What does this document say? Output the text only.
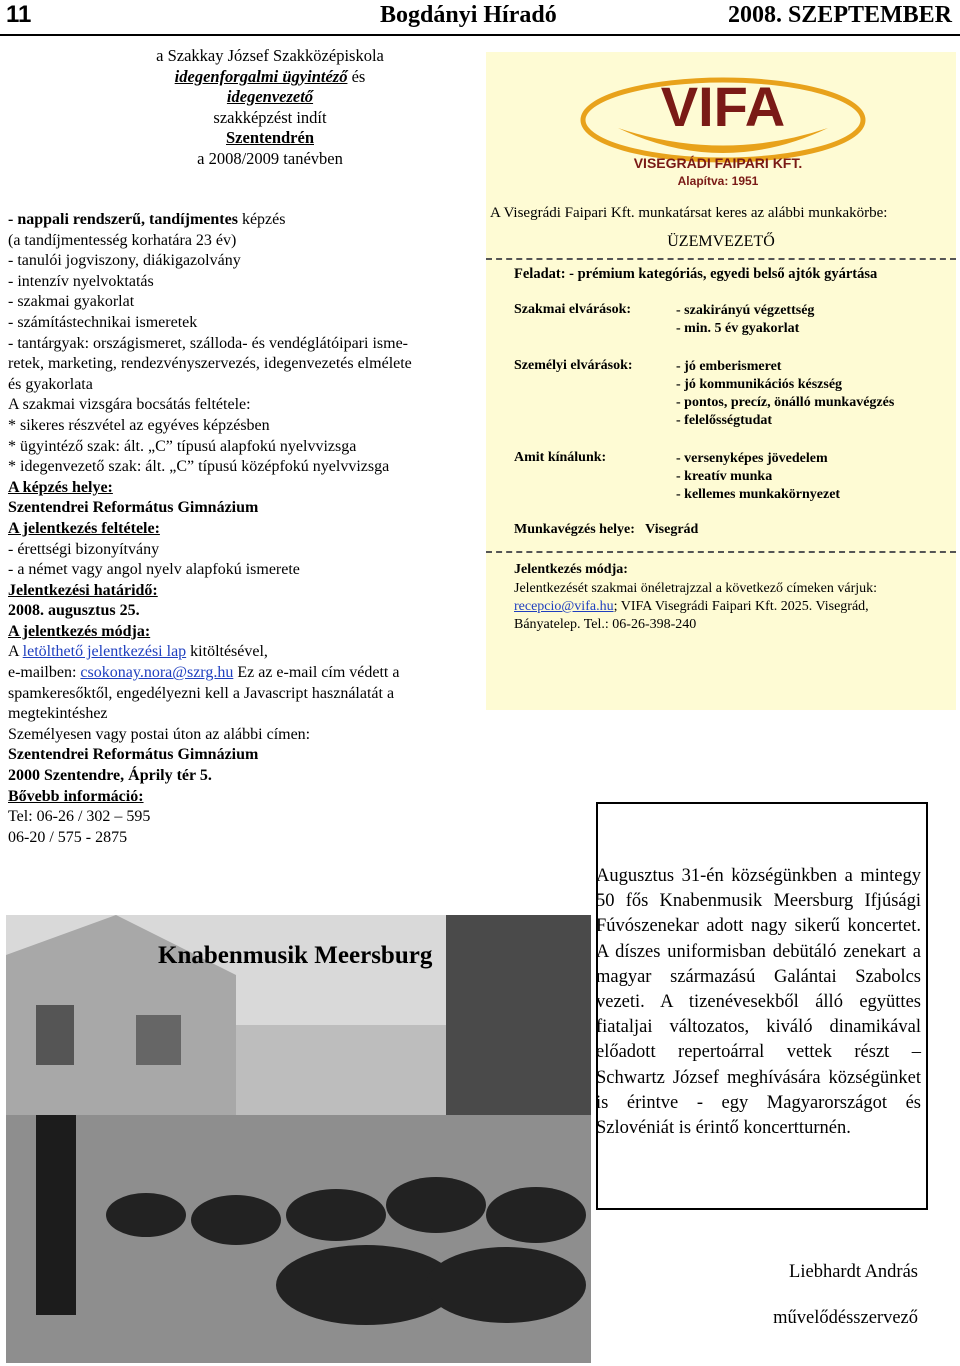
11	Bogdányi Híradó	2008. SZEPTEMBER
a Szakkay József Szakközépiskola
idegenforgalmi ügyintéző és
idegenvezető
szakképzést indít
Szentendrén
a 2008/2009 tanévben
- nappali rendszerű, tandíjmentes képzés
(a tandíjmentesség korhatára 23 év)
- tanulói jogviszony, diákigazolvány
- intenzív nyelvoktatás
- szakmai gyakorlat
- számítástechnikai ismeretek
- tantárgyak: országismeret, szálloda- és vendéglátóipari isme-
retek, marketing, rendezvényszervezés, idegenvezetés elmélete
és gyakorlata
A szakmai vizsgára bocsátás feltétele:
* sikeres részvétel az egyéves képzésben
* ügyintéző szak: ált. „C” típusú alapfokú nyelvvizsga
* idegenvezető szak: ált. „C” típusú középfokú nyelvvizsga
A képzés helye:
Szentendrei Református Gimnázium
A jelentkezés feltétele:
- érettségi bizonyítvány
- a német vagy angol nyelv alapfokú ismerete
Jelentkezési határidő:
2008. augusztus 25.
A jelentkezés módja:
A letölthető jelentkezési lap kitöltésével,
e-mailben: csokonay.nora@szrg.hu Ez az e-mail cím védett a
spamkeresőktől, engedélyezni kell a Javascript használatát a
megtekintéshez
Személyesen vagy postai úton az alábbi címen:
Szentendrei Református Gimnázium
2000 Szentendre, Áprily tér 5.
Bővebb információ:
Tel: 06-26 / 302 – 595
06-20 / 575 - 2875
VIFA
VISEGRÁDI FAIPARI KFT.
Alapítva: 1951
A Visegrádi Faipari Kft. munkatársat keres az alábbi munkakörbe:
ÜZEMVEZETŐ
Feladat: - prémium kategóriás, egyedi belső ajtók gyártása
Szakmai elvárások:	- szakirányú végzettség
- min. 5 év gyakorlat
Személyi elvárások:	- jó emberismeret
- jó kommunikációs készség
- pontos, precíz, önálló munkavégzés
- felelősségtudat
Amit kínálunk:	- versenyképes jövedelem
- kreatív munka
- kellemes munkakörnyezet
Munkavégzés helye:   Visegrád
Jelentkezés módja:
Jelentkezését szakmai önéletrajzzal a következő címeken várjuk:
recepcio@vifa.hu; VIFA Visegrádi Faipari Kft. 2025. Visegrád,
Bányatelep. Tel.: 06-26-398-240
Knabenmusik Meersburg
Augusztus 31-én községünkben a mintegy 50 fős Knabenmusik Meersburg Ifjúsági Fúvószenekar adott nagy sikerű koncertet. A díszes uniformisban debütáló zenekart a magyar származású Galántai Szabolcs vezeti. A tizenévesekből álló együttes fiataljai változatos, kiváló dinamikával előadott repertoárral vettek részt – Schwartz József meghívására községünket is érintve - egy Magyarországot és Szlovéniát is érintő koncertturnén.
Liebhardt András
művelődésszervező
